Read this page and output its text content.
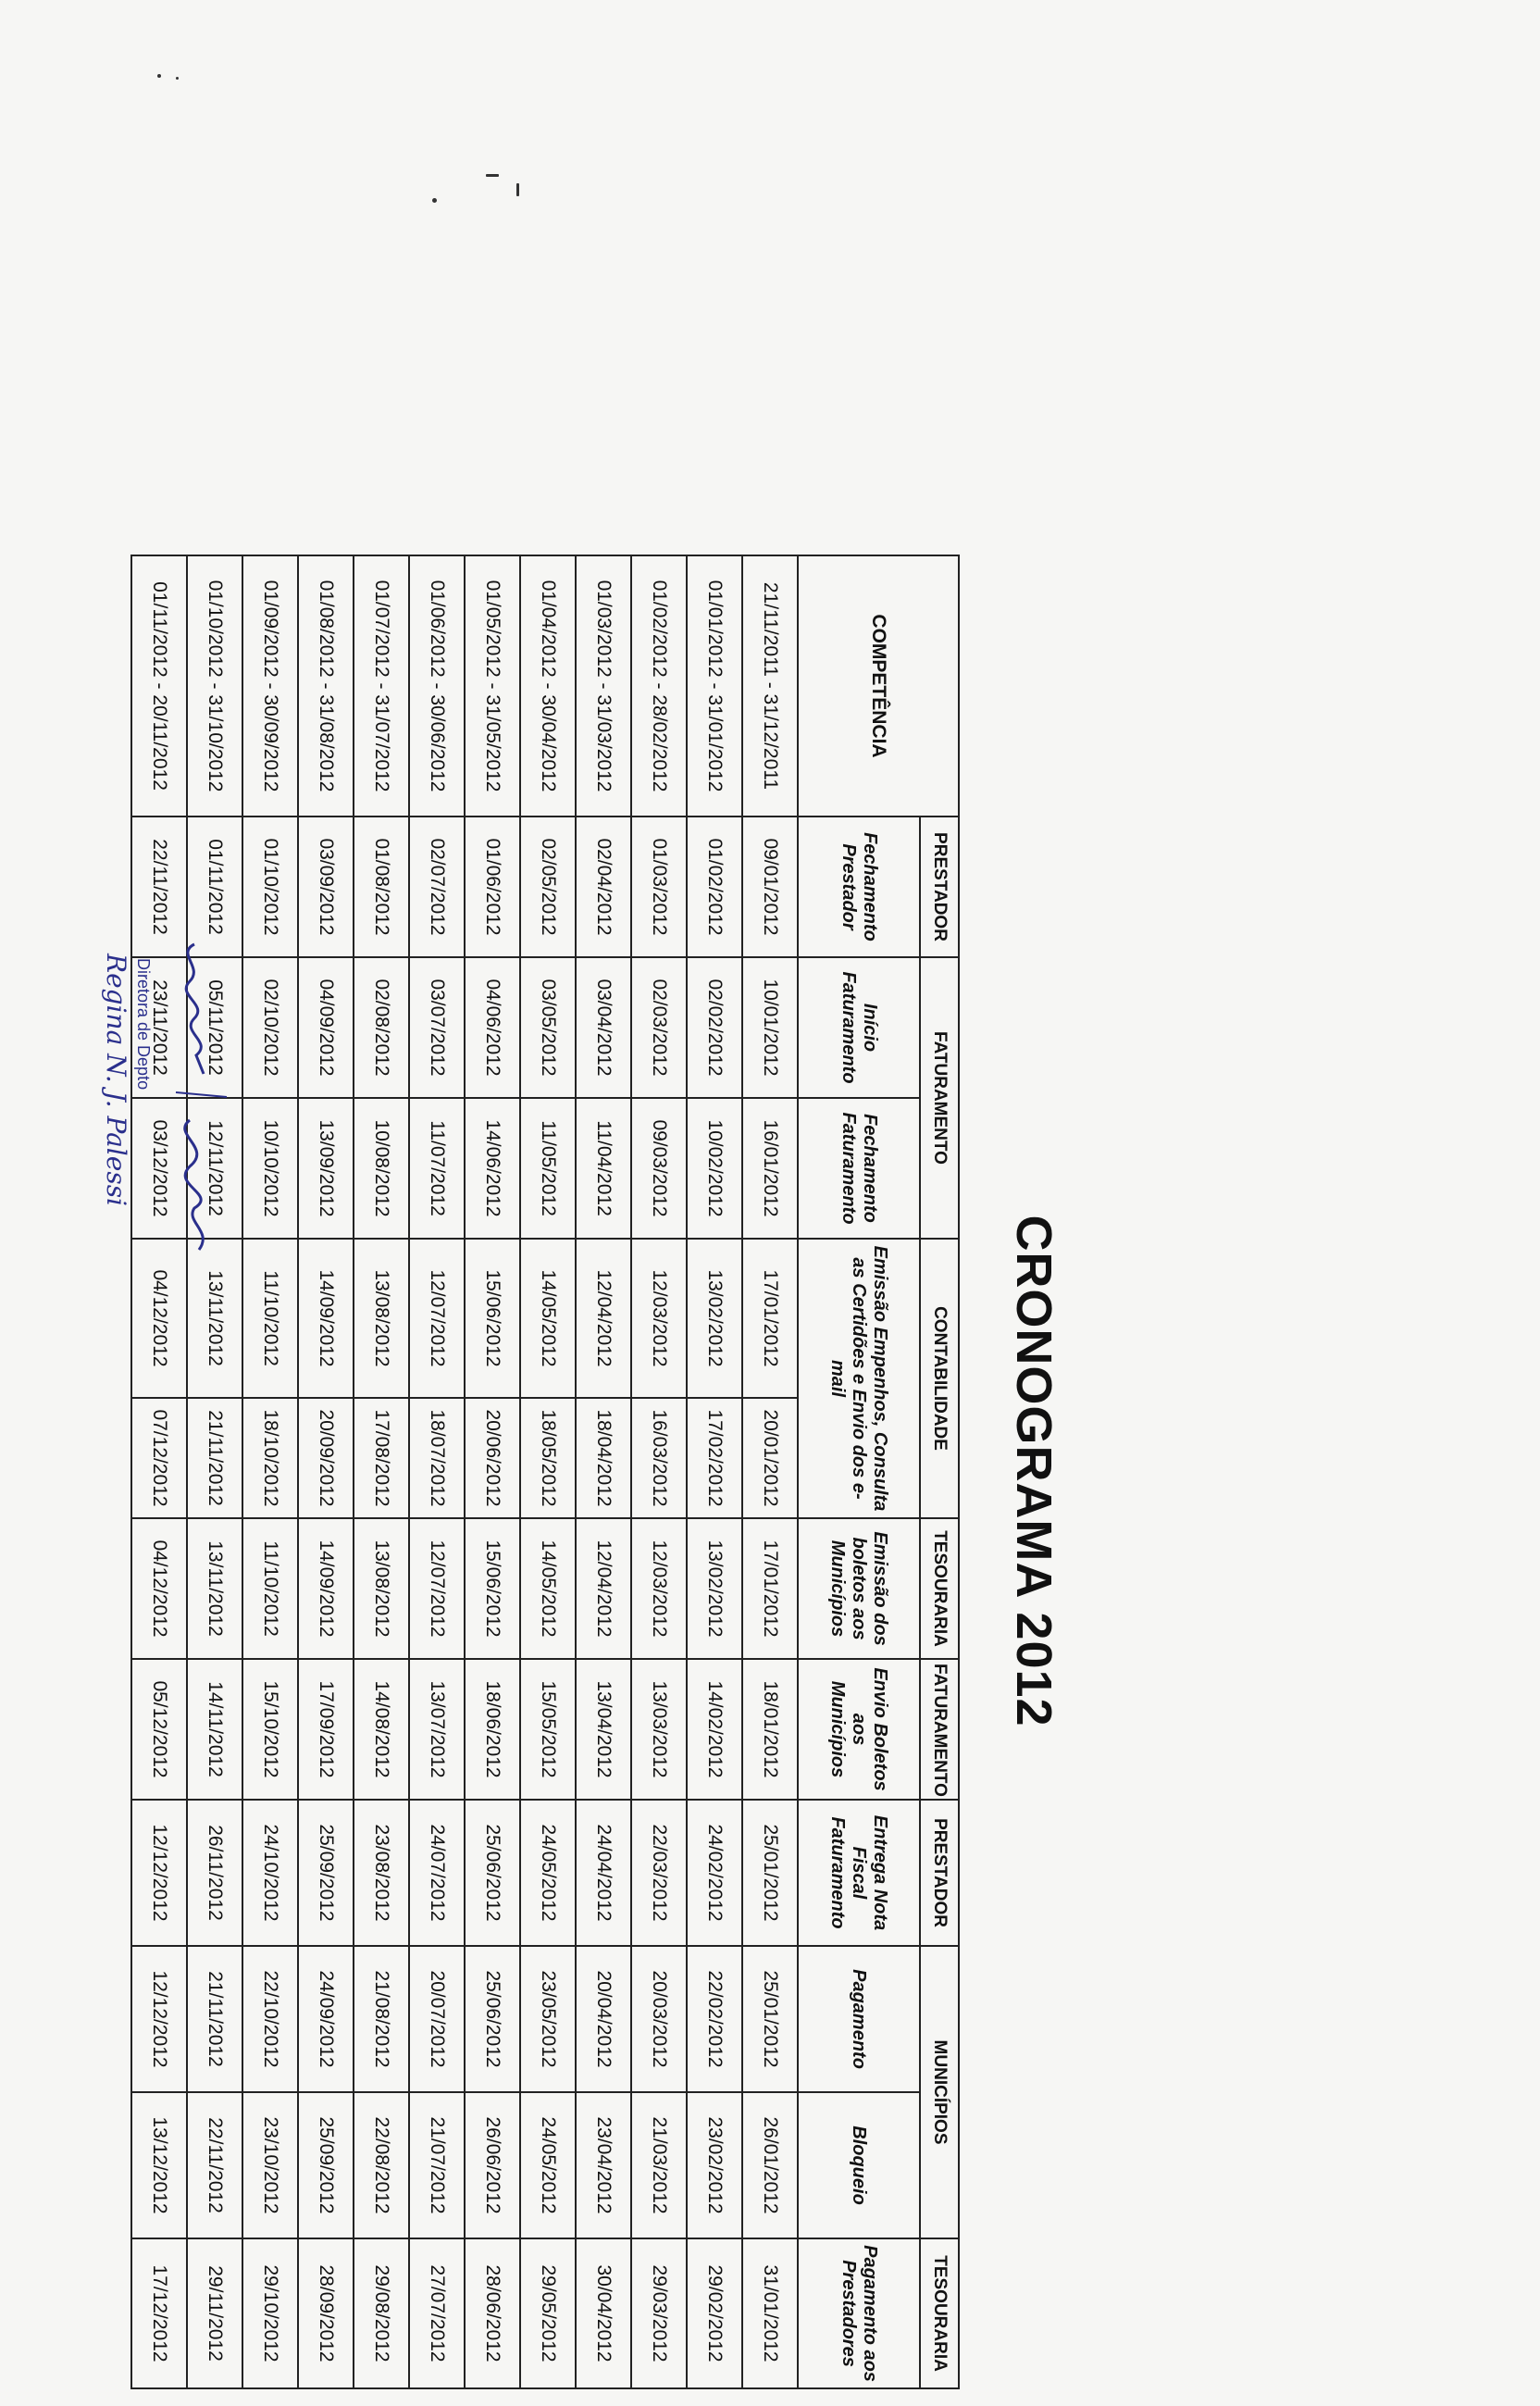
CRONOGRAMA 2012
COMPETÊNCIA	PRESTADOR	FATURAMENTO		CONTABILIDADE		TESOURARIA	FATURAMENTO	PRESTADOR	MUNICÍPIOS		TESOURARIA
	Fechamento Prestador	Início Faturamento	Fechamento Faturamento	Emissão Empenhos, Consulta as Certidões e Envio dos e-mail		Emissão dos boletos aos Municípios	Envio Boletos aos Municípios	Entrega Nota Fiscal Faturamento	Pagamento	Bloqueio	Pagamento aos Prestadores
21/11/2011 - 31/12/2011	09/01/2012	10/01/2012	16/01/2012	17/01/2012	20/01/2012	17/01/2012	18/01/2012	25/01/2012	25/01/2012	26/01/2012	31/01/2012
01/01/2012 - 31/01/2012	01/02/2012	02/02/2012	10/02/2012	13/02/2012	17/02/2012	13/02/2012	14/02/2012	24/02/2012	22/02/2012	23/02/2012	29/02/2012
01/02/2012 - 28/02/2012	01/03/2012	02/03/2012	09/03/2012	12/03/2012	16/03/2012	12/03/2012	13/03/2012	22/03/2012	20/03/2012	21/03/2012	29/03/2012
01/03/2012 - 31/03/2012	02/04/2012	03/04/2012	11/04/2012	12/04/2012	18/04/2012	12/04/2012	13/04/2012	24/04/2012	20/04/2012	23/04/2012	30/04/2012
01/04/2012 - 30/04/2012	02/05/2012	03/05/2012	11/05/2012	14/05/2012	18/05/2012	14/05/2012	15/05/2012	24/05/2012	23/05/2012	24/05/2012	29/05/2012
01/05/2012 - 31/05/2012	01/06/2012	04/06/2012	14/06/2012	15/06/2012	20/06/2012	15/06/2012	18/06/2012	25/06/2012	25/06/2012	26/06/2012	28/06/2012
01/06/2012 - 30/06/2012	02/07/2012	03/07/2012	11/07/2012	12/07/2012	18/07/2012	12/07/2012	13/07/2012	24/07/2012	20/07/2012	21/07/2012	27/07/2012
01/07/2012 - 31/07/2012	01/08/2012	02/08/2012	10/08/2012	13/08/2012	17/08/2012	13/08/2012	14/08/2012	23/08/2012	21/08/2012	22/08/2012	29/08/2012
01/08/2012 - 31/08/2012	03/09/2012	04/09/2012	13/09/2012	14/09/2012	20/09/2012	14/09/2012	17/09/2012	25/09/2012	24/09/2012	25/09/2012	28/09/2012
01/09/2012 - 30/09/2012	01/10/2012	02/10/2012	10/10/2012	11/10/2012	18/10/2012	11/10/2012	15/10/2012	24/10/2012	22/10/2012	23/10/2012	29/10/2012
01/10/2012 - 31/10/2012	01/11/2012	05/11/2012	12/11/2012	13/11/2012	21/11/2012	13/11/2012	14/11/2012	26/11/2012	21/11/2012	22/11/2012	29/11/2012
01/11/2012 - 20/11/2012	22/11/2012	23/11/2012	03/12/2012	04/12/2012	07/12/2012	04/12/2012	05/12/2012	12/12/2012	12/12/2012	13/12/2012	17/12/2012
Regina N. J. Palessi Diretora de Depto
